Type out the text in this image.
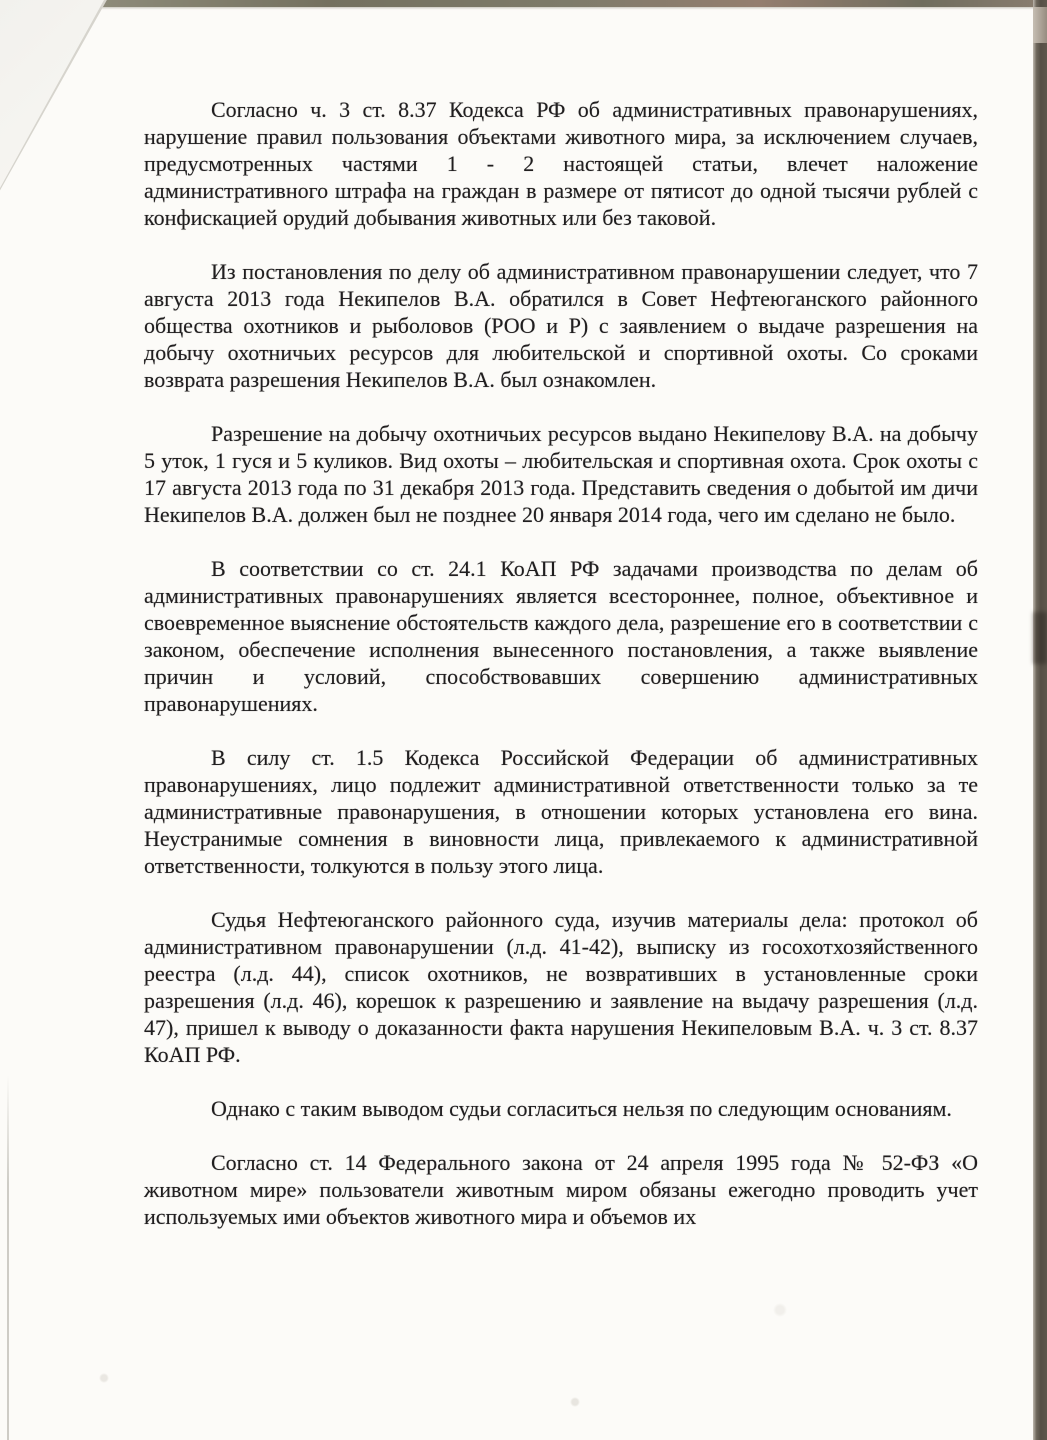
Согласно ч. 3 ст. 8.37 Кодекса РФ об административных правонарушениях, нарушение правил пользования объектами животного мира, за исключением случаев, предусмотренных частями 1 - 2 настоящей статьи, влечет наложение административного штрафа на граждан в размере от пятисот до одной тысячи рублей с конфискацией орудий добывания животных или без таковой.

Из постановления по делу об административном правонарушении следует, что 7 августа 2013 года Некипелов В.А. обратился в Совет Нефтеюганского районного общества охотников и рыболовов (РОО и Р) с заявлением о выдаче разрешения на добычу охотничьих ресурсов для любительской и спортивной охоты. Со сроками возврата разрешения Некипелов В.А. был ознакомлен.

Разрешение на добычу охотничьих ресурсов выдано Некипелову В.А. на добычу 5 уток, 1 гуся и 5 куликов. Вид охоты – любительская и спортивная охота. Срок охоты с 17 августа 2013 года по 31 декабря 2013 года. Представить сведения о добытой им дичи Некипелов В.А. должен был не позднее 20 января 2014 года, чего им сделано не было.

В соответствии со ст. 24.1 КоАП РФ задачами производства по делам об административных правонарушениях является всестороннее, полное, объективное и своевременное выяснение обстоятельств каждого дела, разрешение его в соответствии с законом, обеспечение исполнения вынесенного постановления, а также выявление причин и условий, способствовавших совершению административных правонарушениях.

В силу ст. 1.5 Кодекса Российской Федерации об административных правонарушениях, лицо подлежит административной ответственности только за те административные правонарушения, в отношении которых установлена его вина. Неустранимые сомнения в виновности лица, привлекаемого к административной ответственности, толкуются в пользу этого лица.

Судья Нефтеюганского районного суда, изучив материалы дела: протокол об административном правонарушении (л.д. 41-42), выписку из госохотхозяйственного реестра (л.д. 44), список охотников, не возвративших в установленные сроки разрешения (л.д. 46), корешок к разрешению и заявление на выдачу разрешения (л.д. 47), пришел к выводу о доказанности факта нарушения Некипеловым В.А. ч. 3 ст. 8.37 КоАП РФ.

Однако с таким выводом судьи согласиться нельзя по следующим основаниям.

Согласно ст. 14 Федерального закона от 24 апреля 1995 года № 52-ФЗ «О животном мире» пользователи животным миром обязаны ежегодно проводить учет используемых ими объектов животного мира и объемов их
